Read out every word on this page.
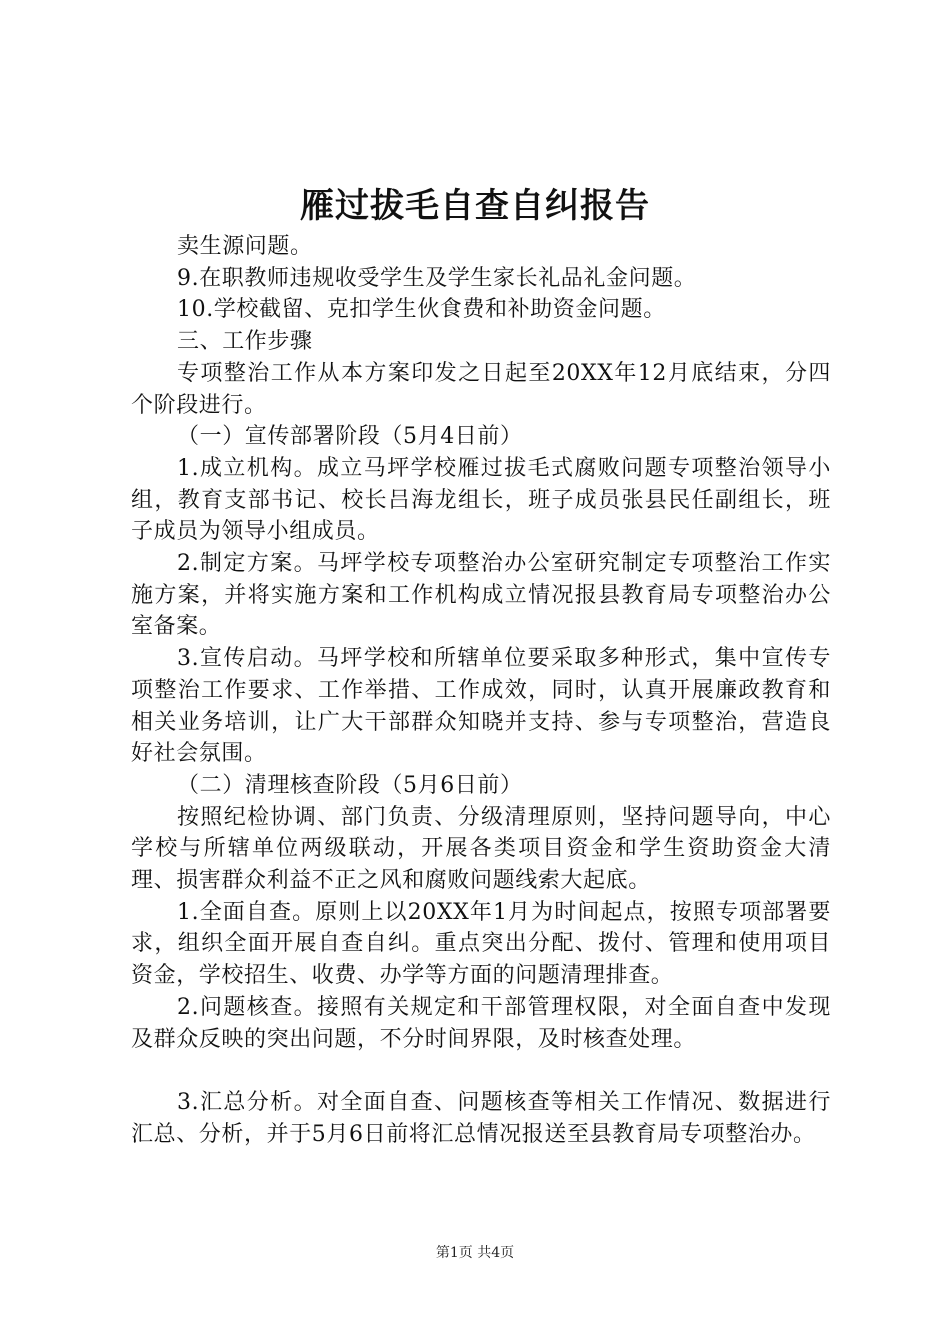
雁过拔毛自查自纠报告

卖生源问题。

9.在职教师违规收受学生及学生家长礼品礼金问题。

10.学校截留、克扣学生伙食费和补助资金问题。

三、工作步骤

专项整治工作从本方案印发之日起至20XX年12月底结束，分四个阶段进行。

（一）宣传部署阶段（5月4日前）

1.成立机构。成立马坪学校雁过拔毛式腐败问题专项整治领导小组，教育支部书记、校长吕海龙组长，班子成员张县民任副组长，班子成员为领导小组成员。

2.制定方案。马坪学校专项整治办公室研究制定专项整治工作实施方案，并将实施方案和工作机构成立情况报县教育局专项整治办公室备案。

3.宣传启动。马坪学校和所辖单位要采取多种形式，集中宣传专项整治工作要求、工作举措、工作成效，同时，认真开展廉政教育和相关业务培训，让广大干部群众知晓并支持、参与专项整治，营造良好社会氛围。

（二）清理核查阶段（5月6日前）

按照纪检协调、部门负责、分级清理原则，坚持问题导向，中心学校与所辖单位两级联动，开展各类项目资金和学生资助资金大清理、损害群众利益不正之风和腐败问题线索大起底。

1.全面自查。原则上以20XX年1月为时间起点，按照专项部署要求，组织全面开展自查自纠。重点突出分配、拨付、管理和使用项目资金，学校招生、收费、办学等方面的问题清理排查。

2.问题核查。接照有关规定和干部管理权限，对全面自查中发现及群众反映的突出问题，不分时间界限，及时核查处理。

3.汇总分析。对全面自查、问题核查等相关工作情况、数据进行汇总、分析，并于5月6日前将汇总情况报送至县教育局专项整治办。

第1页 共4页
